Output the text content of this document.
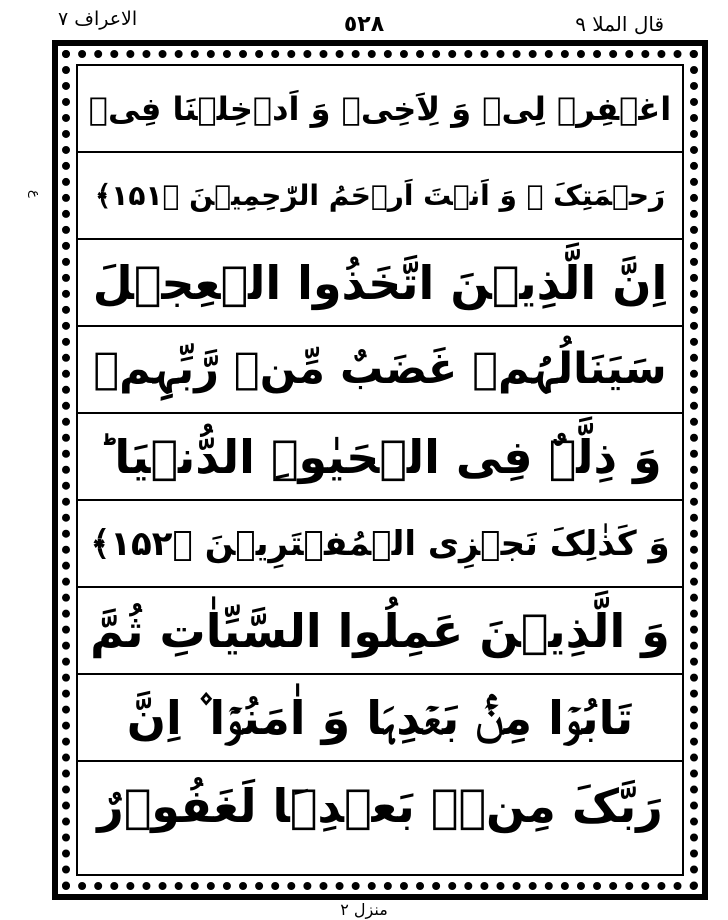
الاعراف ٧	٥٢٨	قال الملا ٩
ع
اغۡفِرۡ لِیۡ وَ لِاَخِیۡ وَ اَدۡخِلۡنَا فِیۡ
رَحۡمَتِکَ ۖ وَ اَنۡتَ اَرۡحَمُ الرّٰحِمِیۡنَ ﴿۱۵۱﴾
اِنَّ الَّذِیۡنَ اتَّخَذُوا الۡعِجۡلَ
سَیَنَالُہُمۡ غَضَبٌ مِّنۡ رَّبِّہِمۡ
وَ ذِلَّۃٌ فِی الۡحَیٰوۃِ الدُّنۡیَا ؕ
وَ کَذٰلِکَ نَجۡزِی الۡمُفۡتَرِیۡنَ ﴿۱۵۲﴾
وَ الَّذِیۡنَ عَمِلُوا السَّیِّاٰتِ ثُمَّ
تَابُوۡا مِنۡۢ بَعۡدِہَا وَ اٰمَنُوۡۤا ۫ اِنَّ
رَبَّکَ مِنۡۢ بَعۡدِہَا لَغَفُوۡرٌ
منزل ٢
